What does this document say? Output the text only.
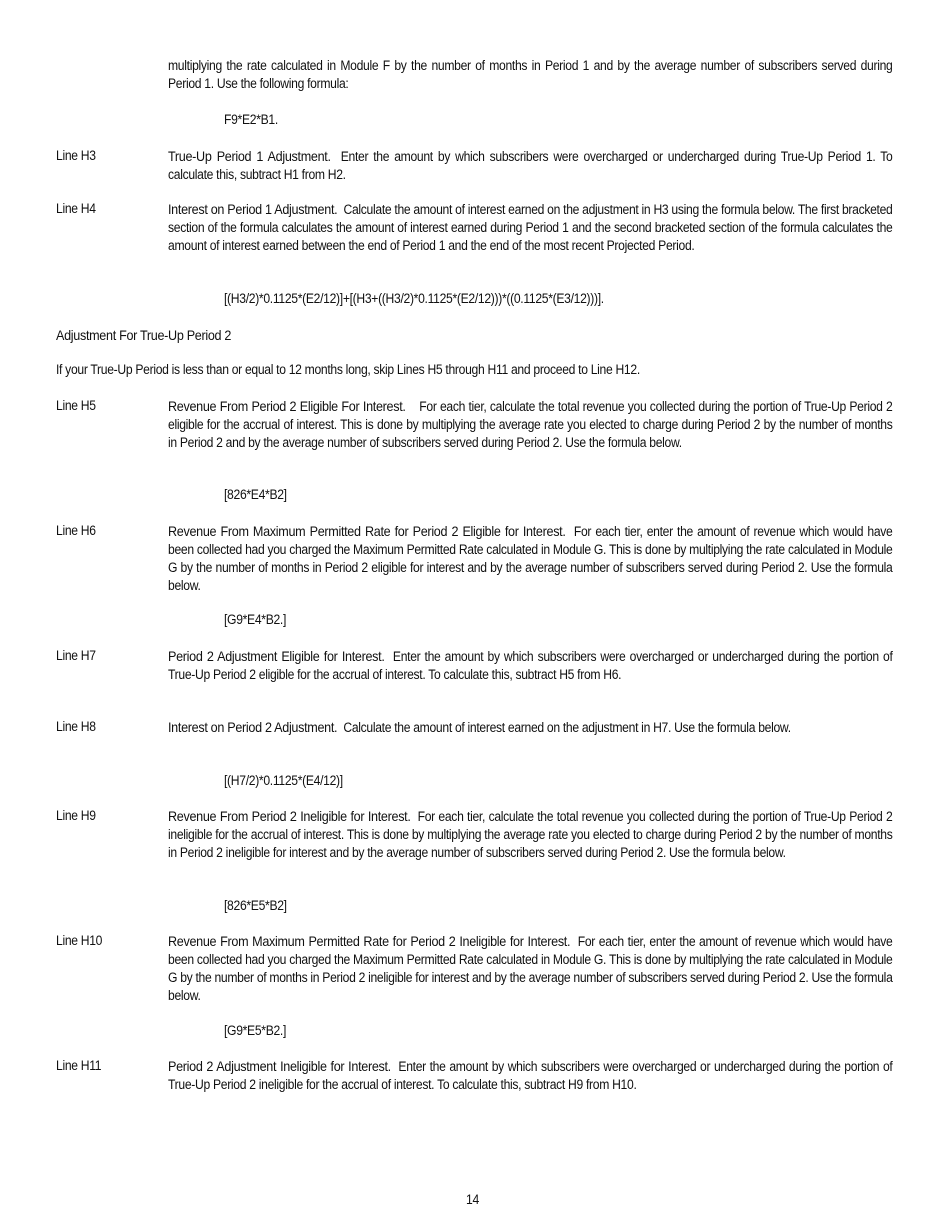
multiplying the rate calculated in Module F by the number of months in Period 1 and by the average number of subscribers served during Period 1. Use the following formula:

F9*E2*B1.

Line H3	True-Up Period 1 Adjustment. Enter the amount by which subscribers were overcharged or undercharged during True-Up Period 1. To calculate this, subtract H1 from H2.

Line H4	Interest on Period 1 Adjustment. Calculate the amount of interest earned on the adjustment in H3 using the formula below. The first bracketed section of the formula calculates the amount of interest earned during Period 1 and the second bracketed section of the formula calculates the amount of interest earned between the end of Period 1 and the end of the most recent Projected Period.

[(H3/2)*0.1125*(E2/12)]+[(H3+((H3/2)*0.1125*(E2/12)))*((0.1125*(E3/12)))].

Adjustment For True-Up Period 2

If your True-Up Period is less than or equal to 12 months long, skip Lines H5 through H11 and proceed to Line H12.

Line H5	Revenue From Period 2 Eligible For Interest. For each tier, calculate the total revenue you collected during the portion of True-Up Period 2 eligible for the accrual of interest. This is done by multiplying the average rate you elected to charge during Period 2 by the number of months in Period 2 and by the average number of subscribers served during Period 2. Use the formula below.

[826*E4*B2]

Line H6	Revenue From Maximum Permitted Rate for Period 2 Eligible for Interest. For each tier, enter the amount of revenue which would have been collected had you charged the Maximum Permitted Rate calculated in Module G. This is done by multiplying the rate calculated in Module G by the number of months in Period 2 eligible for interest and by the average number of subscribers served during Period 2. Use the formula below.

[G9*E4*B2.]

Line H7	Period 2 Adjustment Eligible for Interest. Enter the amount by which subscribers were overcharged or undercharged during the portion of True-Up Period 2 eligible for the accrual of interest. To calculate this, subtract H5 from H6.

Line H8	Interest on Period 2 Adjustment. Calculate the amount of interest earned on the adjustment in H7. Use the formula below.

[(H7/2)*0.1125*(E4/12)]

Line H9	Revenue From Period 2 Ineligible for Interest. For each tier, calculate the total revenue you collected during the portion of True-Up Period 2 ineligible for the accrual of interest. This is done by multiplying the average rate you elected to charge during Period 2 by the number of months in Period 2 ineligible for interest and by the average number of subscribers served during Period 2. Use the formula below.

[826*E5*B2]

Line H10	Revenue From Maximum Permitted Rate for Period 2 Ineligible for Interest. For each tier, enter the amount of revenue which would have been collected had you charged the Maximum Permitted Rate calculated in Module G. This is done by multiplying the rate calculated in Module G by the number of months in Period 2 ineligible for interest and by the average number of subscribers served during Period 2. Use the formula below.

[G9*E5*B2.]

Line H11	Period 2 Adjustment Ineligible for Interest. Enter the amount by which subscribers were overcharged or undercharged during the portion of True-Up Period 2 ineligible for the accrual of interest. To calculate this, subtract H9 from H10.

14
